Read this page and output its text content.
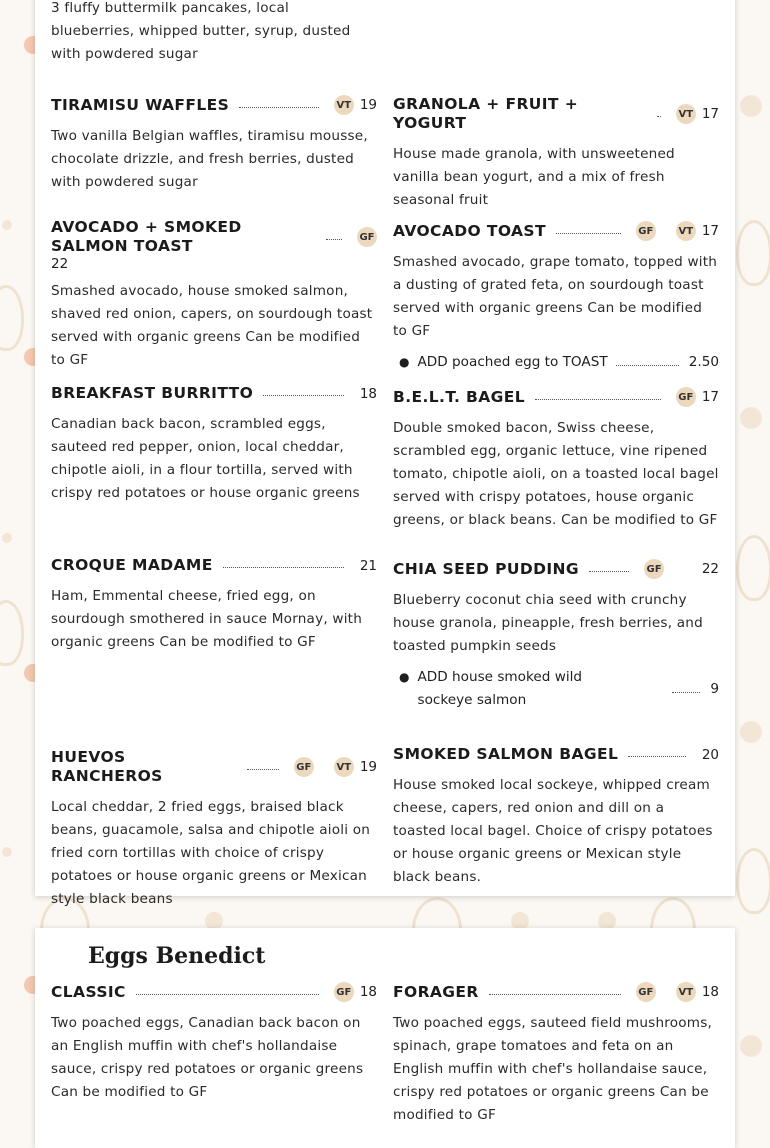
3 fluffy buttermilk pancakes, local blueberries, whipped butter, syrup, dusted with powdered sugar
TIRAMISU WAFFLES	VT 19
Two vanilla Belgian waffles, tiramisu mousse, chocolate drizzle, and fresh berries, dusted with powdered sugar
GRANOLA + FRUIT + YOGURT	VT 17
House made granola, with unsweetened vanilla bean yogurt, and a mix of fresh seasonal fruit
AVOCADO + SMOKED SALMON TOAST	GF
22
Smashed avocado, house smoked salmon, shaved red onion, capers, on sourdough toast served with organic greens Can be modified to GF
AVOCADO TOAST	GF	VT 17
Smashed avocado, grape tomato, topped with a dusting of grated feta, on sourdough toast served with organic greens Can be modified to GF
● ADD poached egg to TOAST	2.50
BREAKFAST BURRITTO	18
Canadian back bacon, scrambled eggs, sauteed red pepper, onion, local cheddar, chipotle aioli, in a flour tortilla, served with crispy red potatoes or house organic greens
B.E.L.T. BAGEL	GF 17
Double smoked bacon, Swiss cheese, scrambled egg, organic lettuce, vine ripened tomato, chipotle aioli, on a toasted local bagel served with crispy potatoes, house organic greens, or black beans. Can be modified to GF
CROQUE MADAME	21
Ham, Emmental cheese, fried egg, on sourdough smothered in sauce Mornay, with organic greens Can be modified to GF
CHIA SEED PUDDING	GF	22
Blueberry coconut chia seed with crunchy house granola, pineapple, fresh berries, and toasted pumpkin seeds
● ADD house smoked wild sockeye salmon
9
HUEVOS RANCHEROS	GF	VT 19
Local cheddar, 2 fried eggs, braised black beans, guacamole, salsa and chipotle aioli on fried corn tortillas with choice of crispy potatoes or house organic greens or Mexican style black beans
SMOKED SALMON BAGEL	20
House smoked local sockeye, whipped cream cheese, capers, red onion and dill on a toasted local bagel. Choice of crispy potatoes or house organic greens or Mexican style black beans.
Eggs Benedict
CLASSIC	GF 18
Two poached eggs, Canadian back bacon on an English muffin with chef's hollandaise sauce, crispy red potatoes or organic greens Can be modified to GF
FORAGER	GF	VT 18
Two poached eggs, sauteed field mushrooms, spinach, grape tomatoes and feta on an English muffin with chef's hollandaise sauce, crispy red potatoes or organic greens Can be modified to GF
